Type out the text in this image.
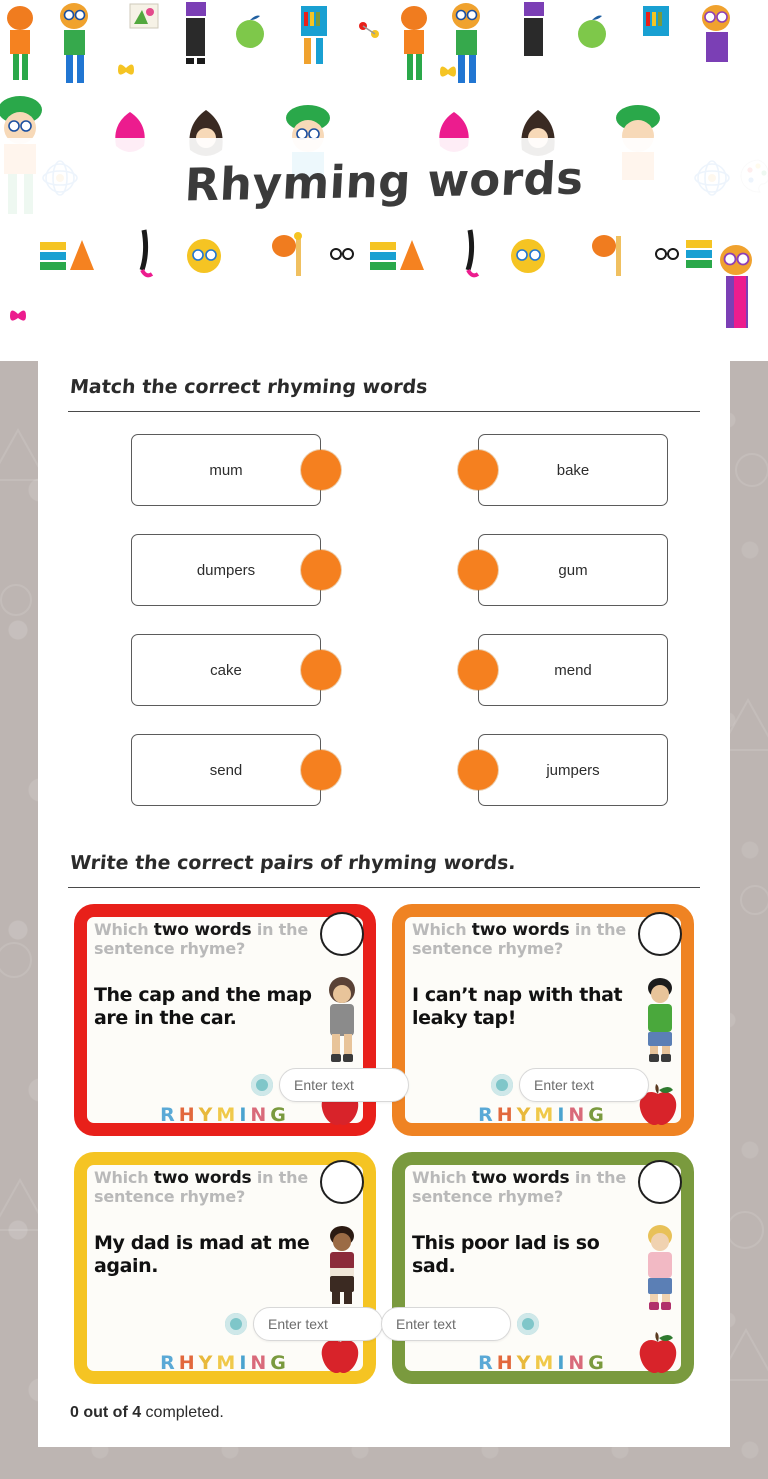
Rhyming words
Match the correct rhyming words
mum	bake
dumpers	gum
cake	mend
send	jumpers
Write the correct pairs of rhyming words.
Which two words in the sentence rhyme?
The cap and the map are in the car.
RHYMING
Enter text
Which two words in the sentence rhyme?
I can’t nap with that leaky tap!
RHYMING
Enter text
Which two words in the sentence rhyme?
My dad is mad at me again.
RHYMING
Enter text
Which two words in the sentence rhyme?
This poor lad is so sad.
RHYMING
Enter text
0 out of 4 completed.
